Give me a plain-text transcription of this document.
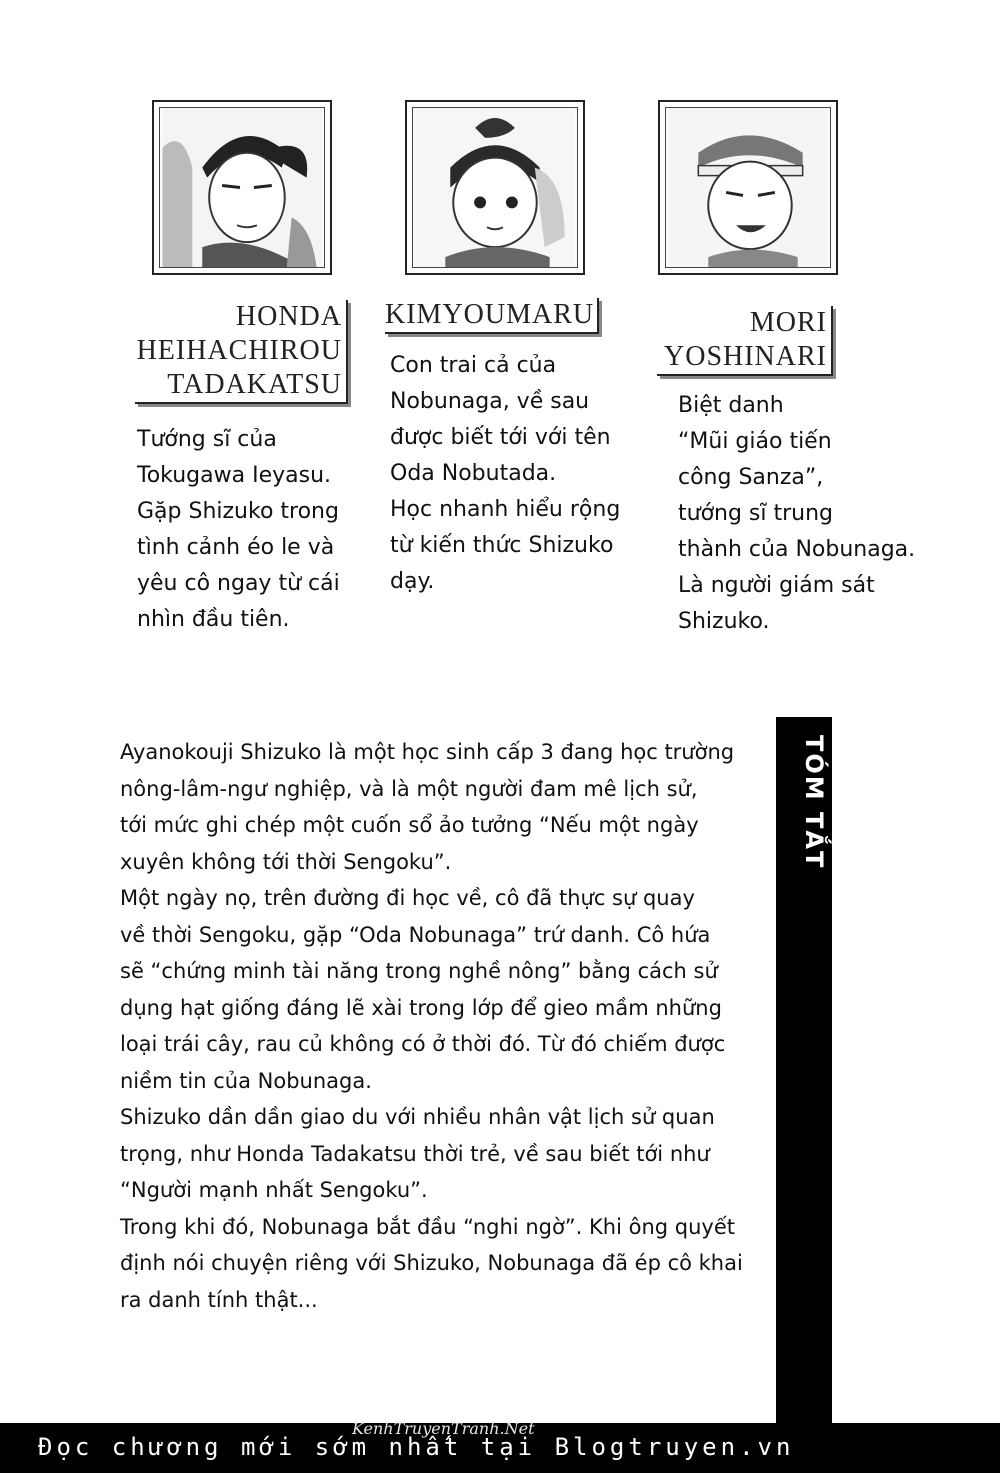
HONDA
HEIHACHIROU
TADAKATSU
KIMYOUMARU	MORI
YOSHINARI
Tướng sĩ của
Tokugawa Ieyasu.
Gặp Shizuko trong
tình cảnh éo le và
yêu cô ngay từ cái
nhìn đầu tiên.
Con trai cả của
Nobunaga, về sau
được biết tới với tên
Oda Nobutada.
Học nhanh hiểu rộng
từ kiến thức Shizuko
dạy.
Biệt danh
“Mũi giáo tiến
công Sanza”,
tướng sĩ trung
thành của Nobunaga.
Là người giám sát
Shizuko.
TÓM TẮT
Ayanokouji Shizuko là một học sinh cấp 3 đang học trường
nông-lâm-ngư nghiệp, và là một người đam mê lịch sử,
tới mức ghi chép một cuốn sổ ảo tưởng “Nếu một ngày
xuyên không tới thời Sengoku”.
Một ngày nọ, trên đường đi học về, cô đã thực sự quay
về thời Sengoku, gặp “Oda Nobunaga” trứ danh. Cô hứa
sẽ “chứng minh tài năng trong nghề nông” bằng cách sử
dụng hạt giống đáng lẽ xài trong lớp để gieo mầm những
loại trái cây, rau củ không có ở thời đó. Từ đó chiếm được
niềm tin của Nobunaga.
Shizuko dần dần giao du với nhiều nhân vật lịch sử quan
trọng, như Honda Tadakatsu thời trẻ, về sau biết tới như
“Người mạnh nhất Sengoku”.
Trong khi đó, Nobunaga bắt đầu “nghi ngờ”. Khi ông quyết
định nói chuyện riêng với Shizuko, Nobunaga đã ép cô khai
ra danh tính thật...
Đọc chương mới sớm nhất tại Blogtruyen.vn
KenhTruyenTranh.Net
